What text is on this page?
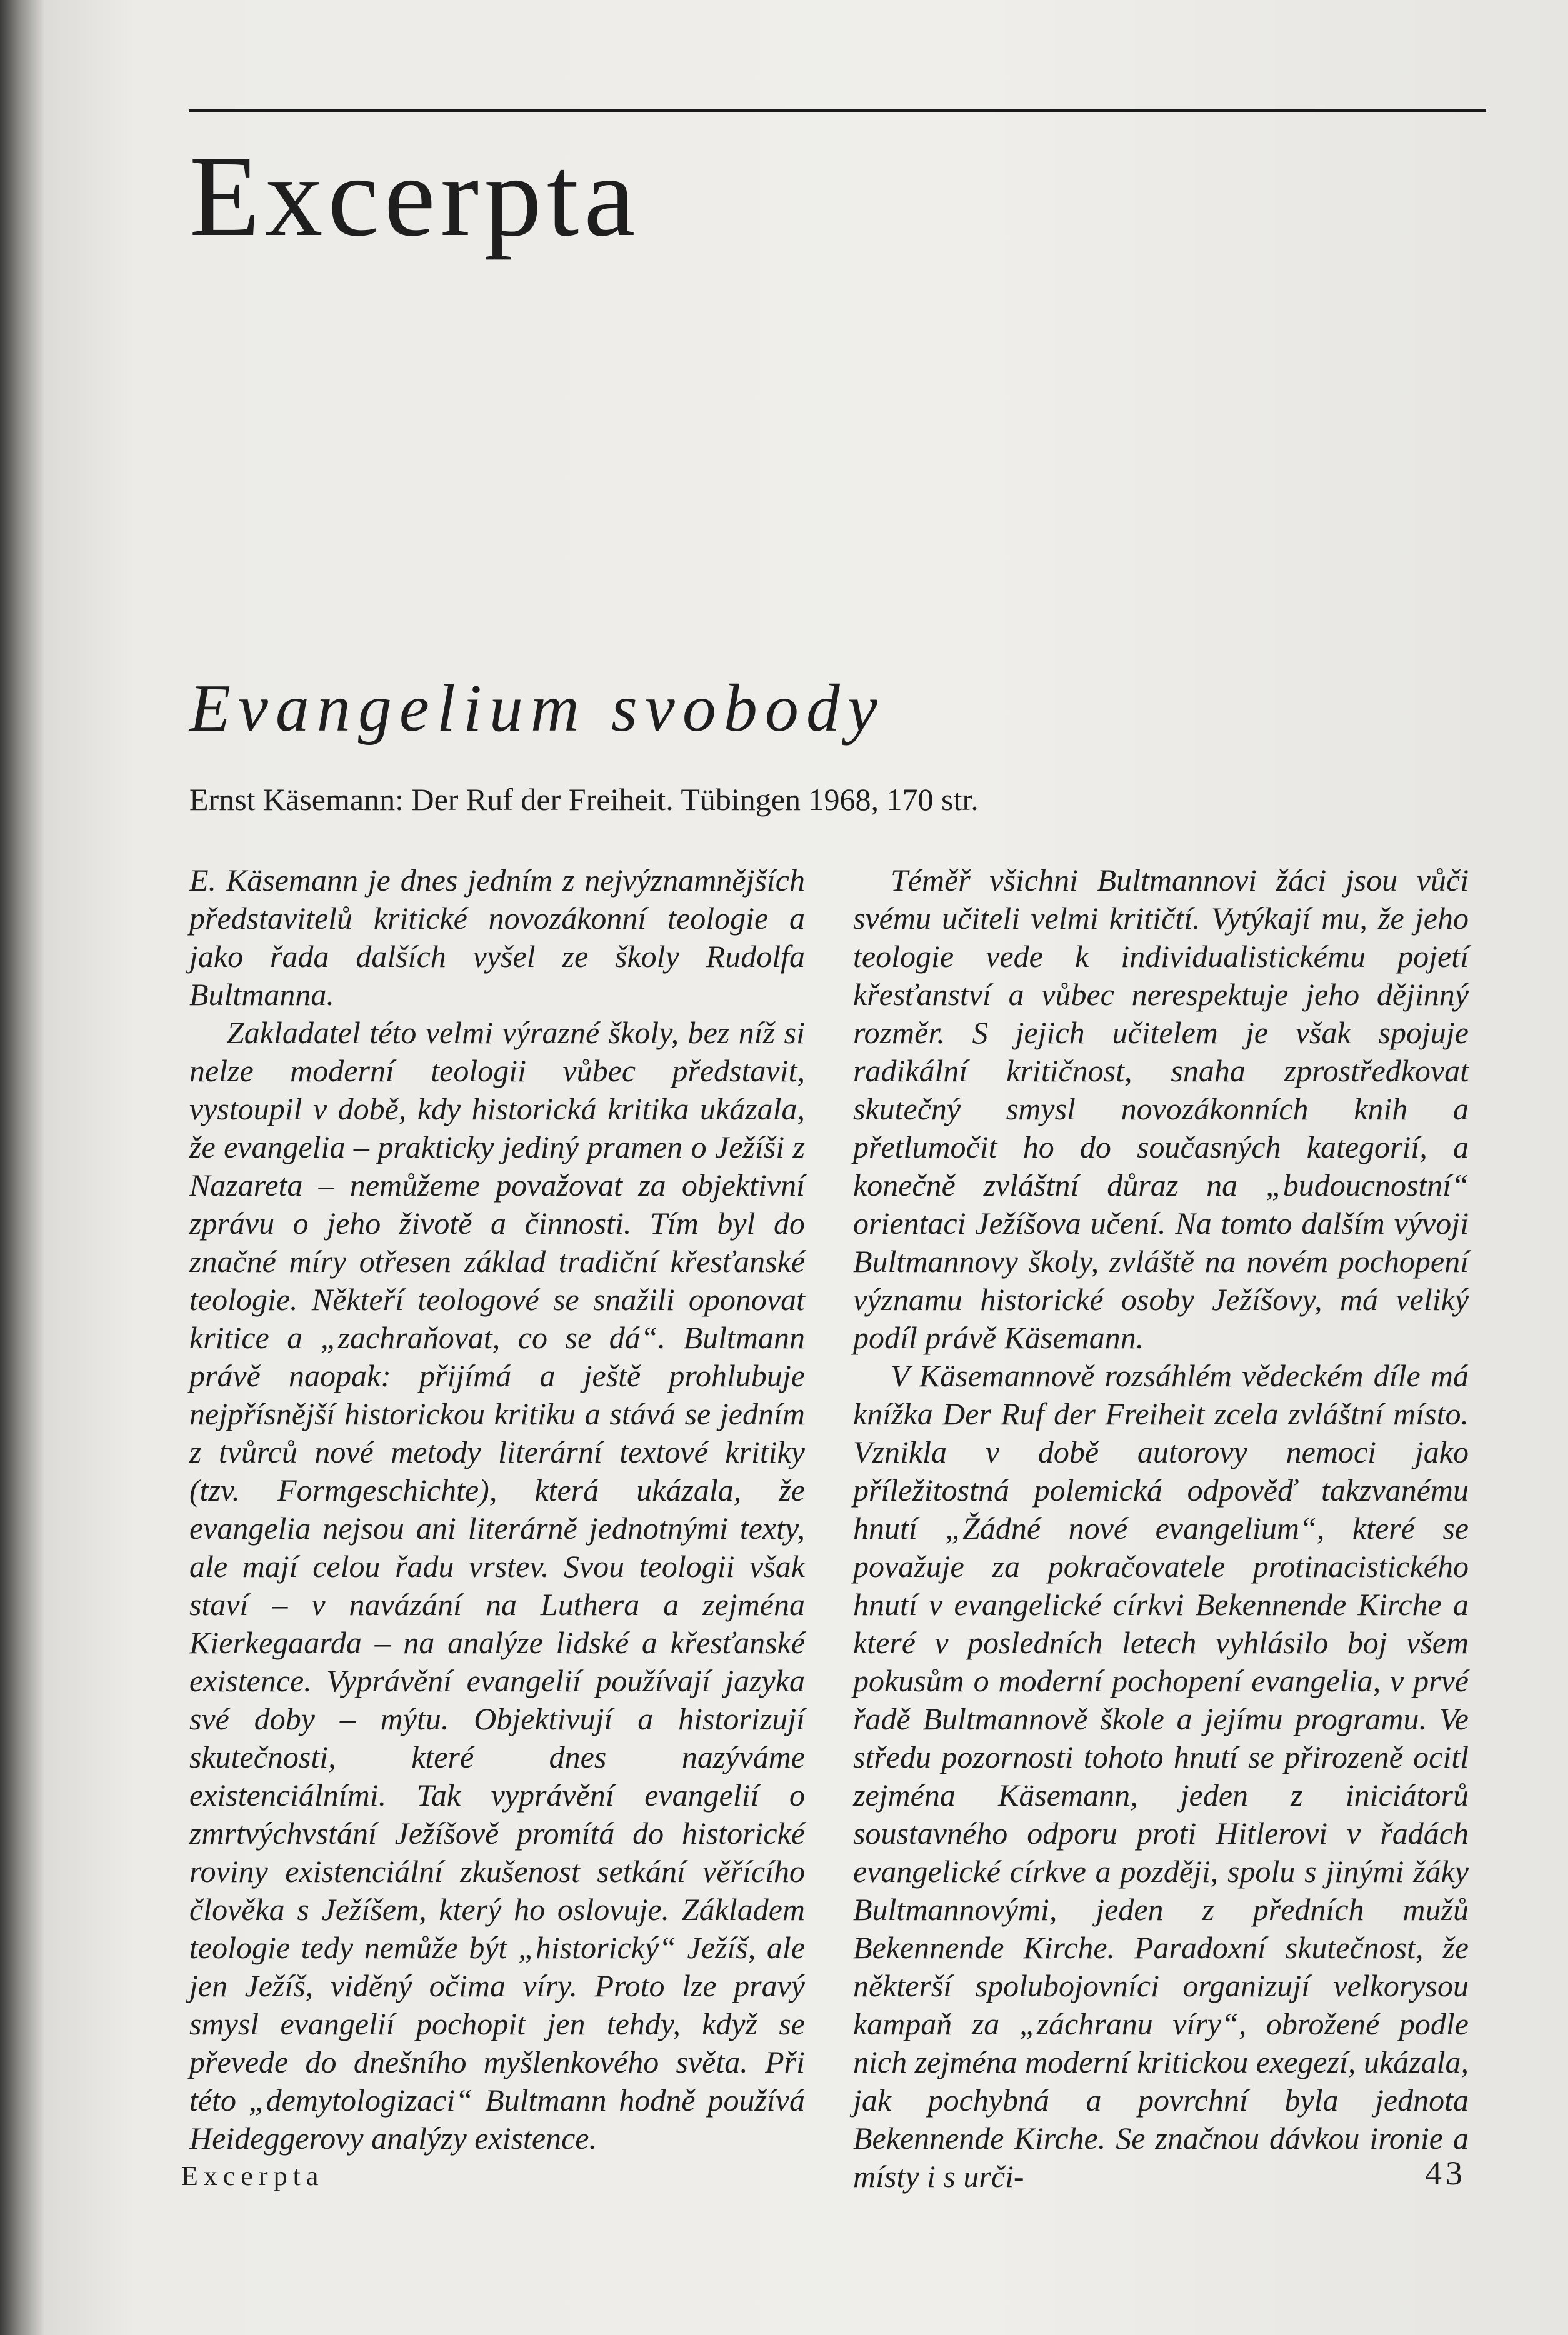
Excerpta
Evangelium svobody

Ernst Käsemann: Der Ruf der Freiheit. Tübingen 1968, 170 str.

E. Käsemann je dnes jedním z nejvýznamnějších představitelů kritické novozákonní teologie a jako řada dalších vyšel ze školy Rudolfa Bultmanna.

Zakladatel této velmi výrazné školy, bez níž si nelze moderní teologii vůbec představit, vystoupil v době, kdy historická kritika ukázala, že evangelia – prakticky jediný pramen o Ježíši z Nazareta – nemůžeme považovat za objektivní zprávu o jeho životě a činnosti. Tím byl do značné míry otřesen základ tradiční křesťanské teologie. Někteří teologové se snažili oponovat kritice a „zachraňovat, co se dá“. Bultmann právě naopak: přijímá a ještě prohlubuje nejpřísnější historickou kritiku a stává se jedním z tvůrců nové metody literární textové kritiky (tzv. Formgeschichte), která ukázala, že evangelia nejsou ani literárně jednotnými texty, ale mají celou řadu vrstev. Svou teologii však staví – v navázání na Luthera a zejména Kierkegaarda – na analýze lidské a křesťanské existence. Vyprávění evangelií používají jazyka své doby – mýtu. Objektivují a historizují skutečnosti, které dnes nazýváme existenciálními. Tak vyprávění evangelií o zmrtvýchvstání Ježíšově promítá do historické roviny existenciální zkušenost setkání věřícího člověka s Ježíšem, který ho oslovuje. Základem teologie tedy nemůže být „historický“ Ježíš, ale jen Ježíš, viděný očima víry. Proto lze pravý smysl evangelií pochopit jen tehdy, když se převede do dnešního myšlenkového světa. Při této „demytologizaci“ Bultmann hodně používá Heideggerovy analýzy existence.

Téměř všichni Bultmannovi žáci jsou vůči svému učiteli velmi kritičtí. Vytýkají mu, že jeho teologie vede k individualistickému pojetí křesťanství a vůbec nerespektuje jeho dějinný rozměr. S jejich učitelem je však spojuje radikální kritičnost, snaha zprostředkovat skutečný smysl novozákonních knih a přetlumočit ho do současných kategorií, a konečně zvláštní důraz na „budoucnostní“ orientaci Ježíšova učení. Na tomto dalším vývoji Bultmannovy školy, zvláště na novém pochopení významu historické osoby Ježíšovy, má veliký podíl právě Käsemann.

V Käsemannově rozsáhlém vědeckém díle má knížka Der Ruf der Freiheit zcela zvláštní místo. Vznikla v době autorovy nemoci jako příležitostná polemická odpověď takzvanému hnutí „Žádné nové evangelium“, které se považuje za pokračovatele protinacistického hnutí v evangelické církvi Bekennende Kirche a které v posledních letech vyhlásilo boj všem pokusům o moderní pochopení evangelia, v prvé řadě Bultmannově škole a jejímu programu. Ve středu pozornosti tohoto hnutí se přirozeně ocitl zejména Käsemann, jeden z iniciátorů soustavného odporu proti Hitlerovi v řadách evangelické církve a později, spolu s jinými žáky Bultmannovými, jeden z předních mužů Bekennende Kirche. Paradoxní skutečnost, že některší spolubojovníci organizují velkorysou kampaň za „záchranu víry“, obrožené podle nich zejména moderní kritickou exegezí, ukázala, jak pochybná a povrchní byla jednota Bekennende Kirche. Se značnou dávkou ironie a místy i s urči-

Excerpta	43
